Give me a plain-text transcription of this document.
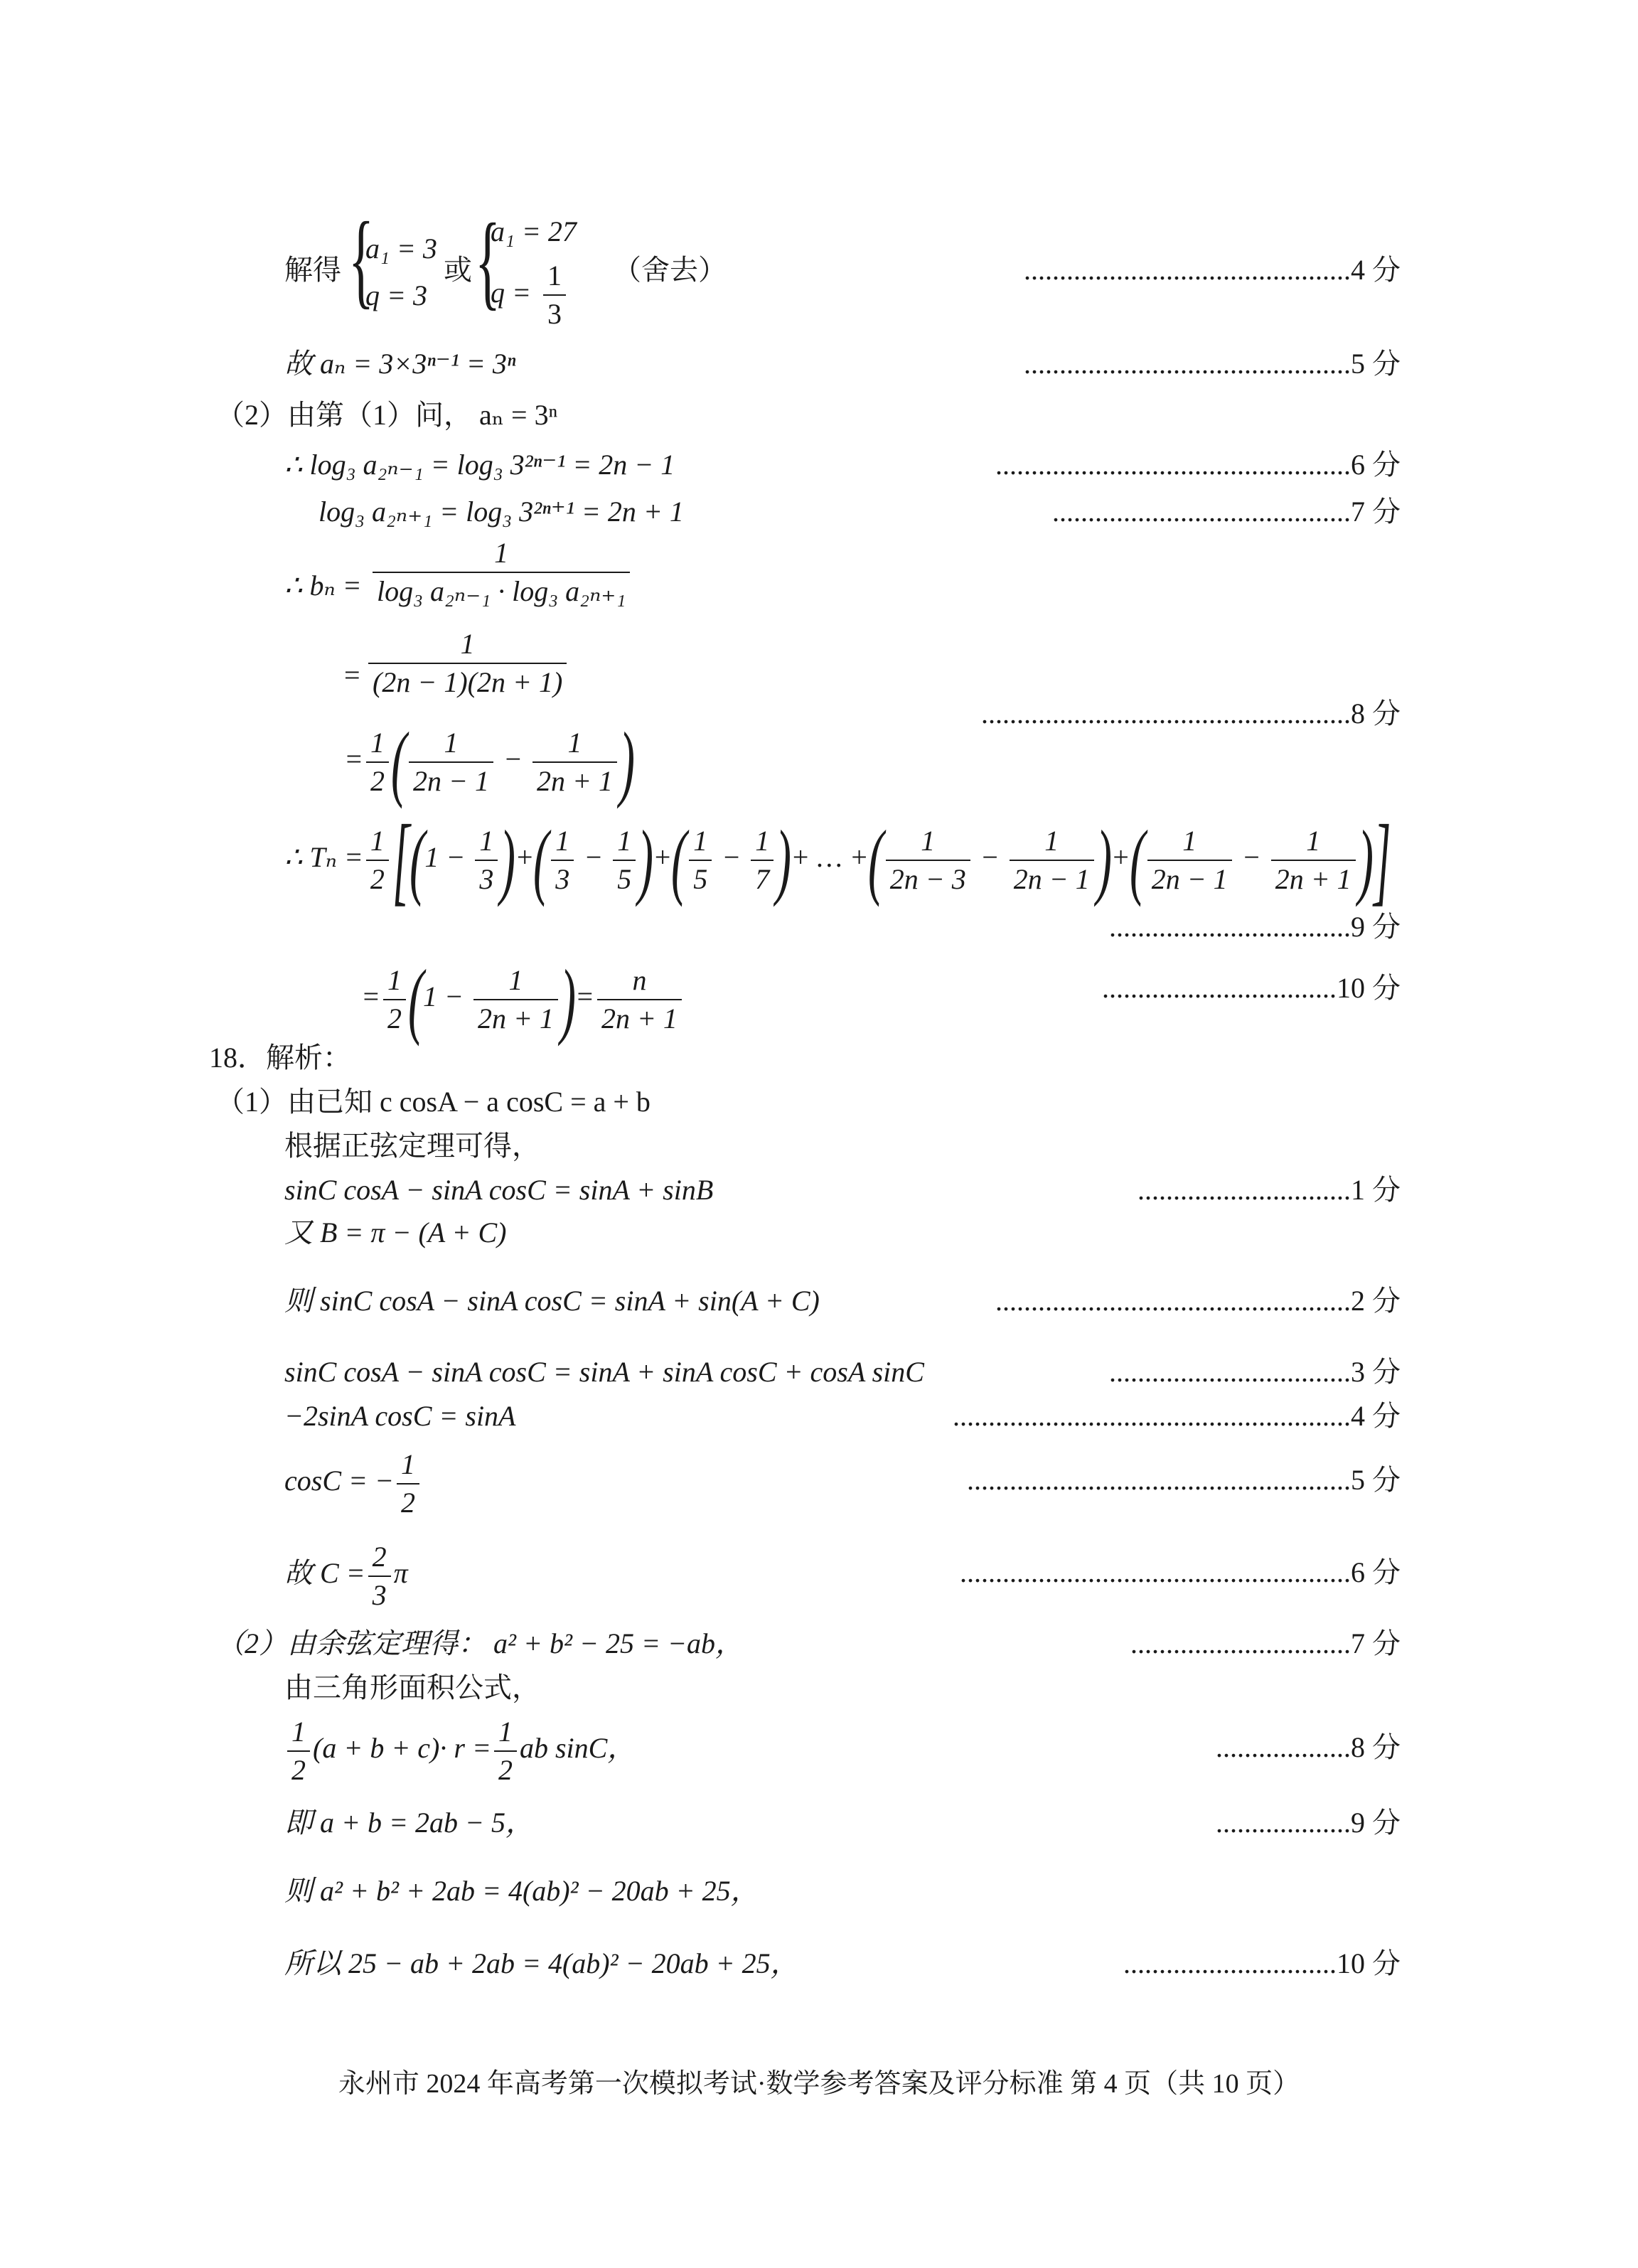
解得 {
a₁ = 3
q = 3
或 {
a₁ = 27
$q = \frac{1}{3}$ （舍去）	..............................................4 分
故 aₙ = 3×3ⁿ⁻¹ = 3ⁿ	..............................................5 分
（2）由第（1）问， aₙ = 3ⁿ
∴ log₃ a₂ₙ₋₁ = log₃ 3²ⁿ⁻¹ = 2n − 1	..................................................6 分
log₃ a₂ₙ₊₁ = log₃ 3²ⁿ⁺¹ = 2n + 1	..........................................7 分
∴ $b_n = \frac{1}{\text{log₃ a₂ₙ₋₁ · log₃ a₂ₙ₊₁}}$
= $\frac{1}{(2n - 1)(2n + 1)}$
= $\frac{1}{2}$ ( $\frac{1}{2n - 1} - \frac{1}{2n + 1}$ )
....................................................8 分
∴ $T_n = \frac{1}{2} [(1 - \frac{1}{3}$ )+( $\frac{1}{3} - \frac{1}{5}$ )+( $\frac{1}{5} - \frac{1}{7}$ )+ … +( $\frac{1}{2n - 3} - \frac{1}{2n - 1}$ )+( $\frac{1}{2n - 1} - \frac{1}{2n + 1}$ )]
..................................9 分
= $\frac{1}{2} (1 - \frac{1}{2n + 1}$ )= $\frac{n}{2n + 1}$	.................................10 分
18．解析：
（1）由已知 c cosA − a cosC = a + b
根据正弦定理可得，
sinC cosA − sinA cosC = sinA + sinB	..............................1 分
又 B = π − (A + C)
则 sinC cosA − sinA cosC = sinA + sin(A + C)	..................................................2 分
sinC cosA − sinA cosC = sinA + sinA cosC + cosA sinC	..................................3 分
−2sinA cosC = sinA	........................................................4 分
cosC = − $\frac{1}{2}$	......................................................5 分
故 $C = \frac{2}{3}$ π	.......................................................6 分
（2）由余弦定理得： a² + b² − 25 = −ab，	...............................7 分
由三角形面积公式，
$\frac{1}{2} (a + b + c)\cdot r = \frac{1}{2}$ ab sinC，	...................8 分
即 a + b = 2ab − 5，	...................9 分
则 a² + b² + 2ab = 4(ab)² − 20ab + 25，
所以 25 − ab + 2ab = 4(ab)² − 20ab + 25，	..............................10 分
永州市 2024 年高考第一次模拟考试·数学参考答案及评分标准 第 4 页（共 10 页）
